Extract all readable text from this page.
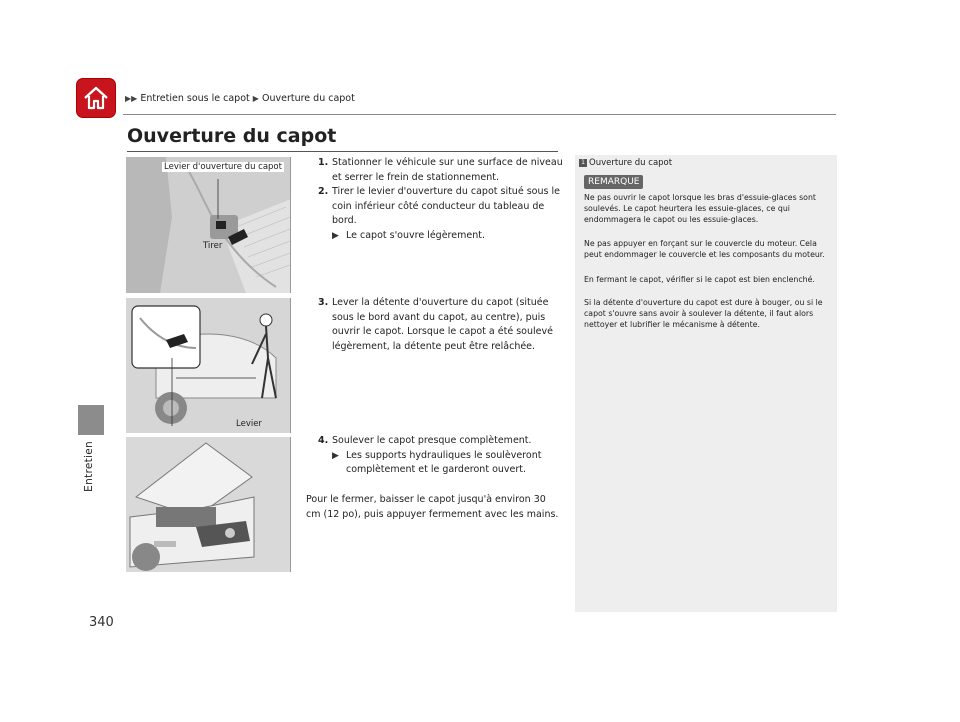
▶▶ Entretien sous le capot ▶ Ouverture du capot
Ouverture du capot
Entretien
340
Levier d'ouverture du capot
Tirer
Levier
1. Stationner le véhicule sur une surface de niveau
et serrer le frein de stationnement.
2. Tirer le levier d'ouverture du capot situé sous le
coin inférieur côté conducteur du tableau de
bord.
▶ Le capot s'ouvre légèrement.
3. Lever la détente d'ouverture du capot (située
sous le bord avant du capot, au centre), puis
ouvrir le capot. Lorsque le capot a été soulevé
légèrement, la détente peut être relâchée.
4. Soulever le capot presque complètement.
▶ Les supports hydrauliques le soulèveront
complètement et le garderont ouvert.
Pour le fermer, baisser le capot jusqu'à environ 30
cm (12 po), puis appuyer fermement avec les mains.
1 Ouverture du capot
REMARQUE
Ne pas ouvrir le capot lorsque les bras d'essuie-glaces sont
soulevés. Le capot heurtera les essuie-glaces, ce qui
endommagera le capot ou les essuie-glaces.
Ne pas appuyer en forçant sur le couvercle du moteur. Cela
peut endommager le couvercle et les composants du moteur.
En fermant le capot, vérifier si le capot est bien enclenché.
Si la détente d'ouverture du capot est dure à bouger, ou si le
capot s'ouvre sans avoir à soulever la détente, il faut alors
nettoyer et lubrifier le mécanisme à détente.
